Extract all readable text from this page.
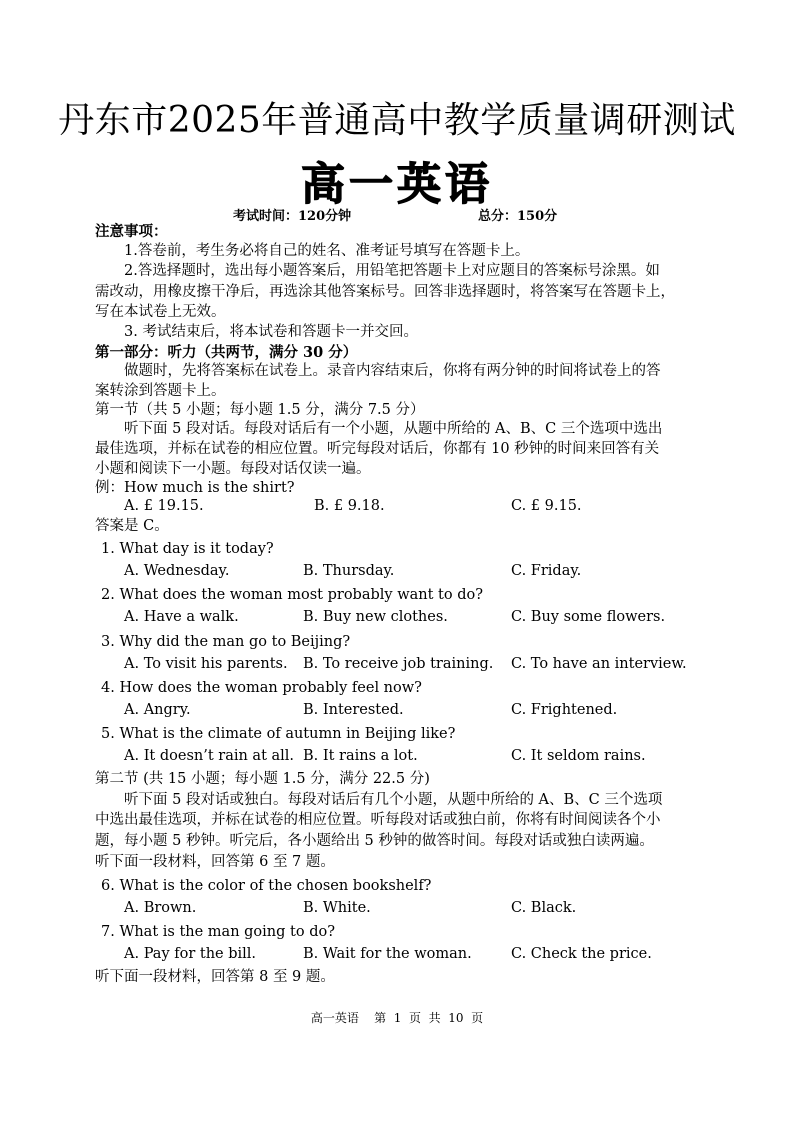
丹东市2025年普通高中教学质量调研测试
高一英语
考试时间：120分钟	总分：150分
注意事项：
1.答卷前，考生务必将自己的姓名、准考证号填写在答题卡上。
2.答选择题时，选出每小题答案后，用铅笔把答题卡上对应题目的答案标号涂黑。如
需改动，用橡皮擦干净后，再选涂其他答案标号。回答非选择题时，将答案写在答题卡上，
写在本试卷上无效。
3. 考试结束后，将本试卷和答题卡一并交回。
第一部分：听力（共两节，满分 30 分）
做题时，先将答案标在试卷上。录音内容结束后，你将有两分钟的时间将试卷上的答
案转涂到答题卡上。
第一节（共 5 小题；每小题 1.5 分，满分 7.5 分）
听下面 5 段对话。每段对话后有一个小题，从题中所给的 A、B、C 三个选项中选出
最佳选项，并标在试卷的相应位置。听完每段对话后，你都有 10 秒钟的时间来回答有关
小题和阅读下一小题。每段对话仅读一遍。
例：How much is the shirt?
A. £ 19.15.	B. £ 9.18.	C. £ 9.15.
答案是 C。
1. What day is it today?
A. Wednesday.	B. Thursday.	C. Friday.
2. What does the woman most probably want to do?
A. Have a walk.	B. Buy new clothes.	C. Buy some flowers.
3. Why did the man go to Beijing?
A. To visit his parents. B. To receive job training. C. To have an interview.
4. How does the woman probably feel now?
A. Angry.	B. Interested.	C. Frightened.
5. What is the climate of autumn in Beijing like?
A. It doesn’t rain at all. B. It rains a lot.	C. It seldom rains.
第二节 (共 15 小题；每小题 1.5 分，满分 22.5 分)
听下面 5 段对话或独白。每段对话后有几个小题，从题中所给的 A、B、C 三个选项
中选出最佳选项，并标在试卷的相应位置。听每段对话或独白前，你将有时间阅读各个小
题，每小题 5 秒钟。听完后，各小题给出 5 秒钟的做答时间。每段对话或独白读两遍。
听下面一段材料，回答第 6 至 7 题。
6. What is the color of the chosen bookshelf?
A. Brown.	B. White.	C. Black.
7. What is the man going to do?
A. Pay for the bill.	B. Wait for the woman.	C. Check the price.
听下面一段材料，回答第 8 至 9 题。
高一英语    第  1  页  共  10  页
